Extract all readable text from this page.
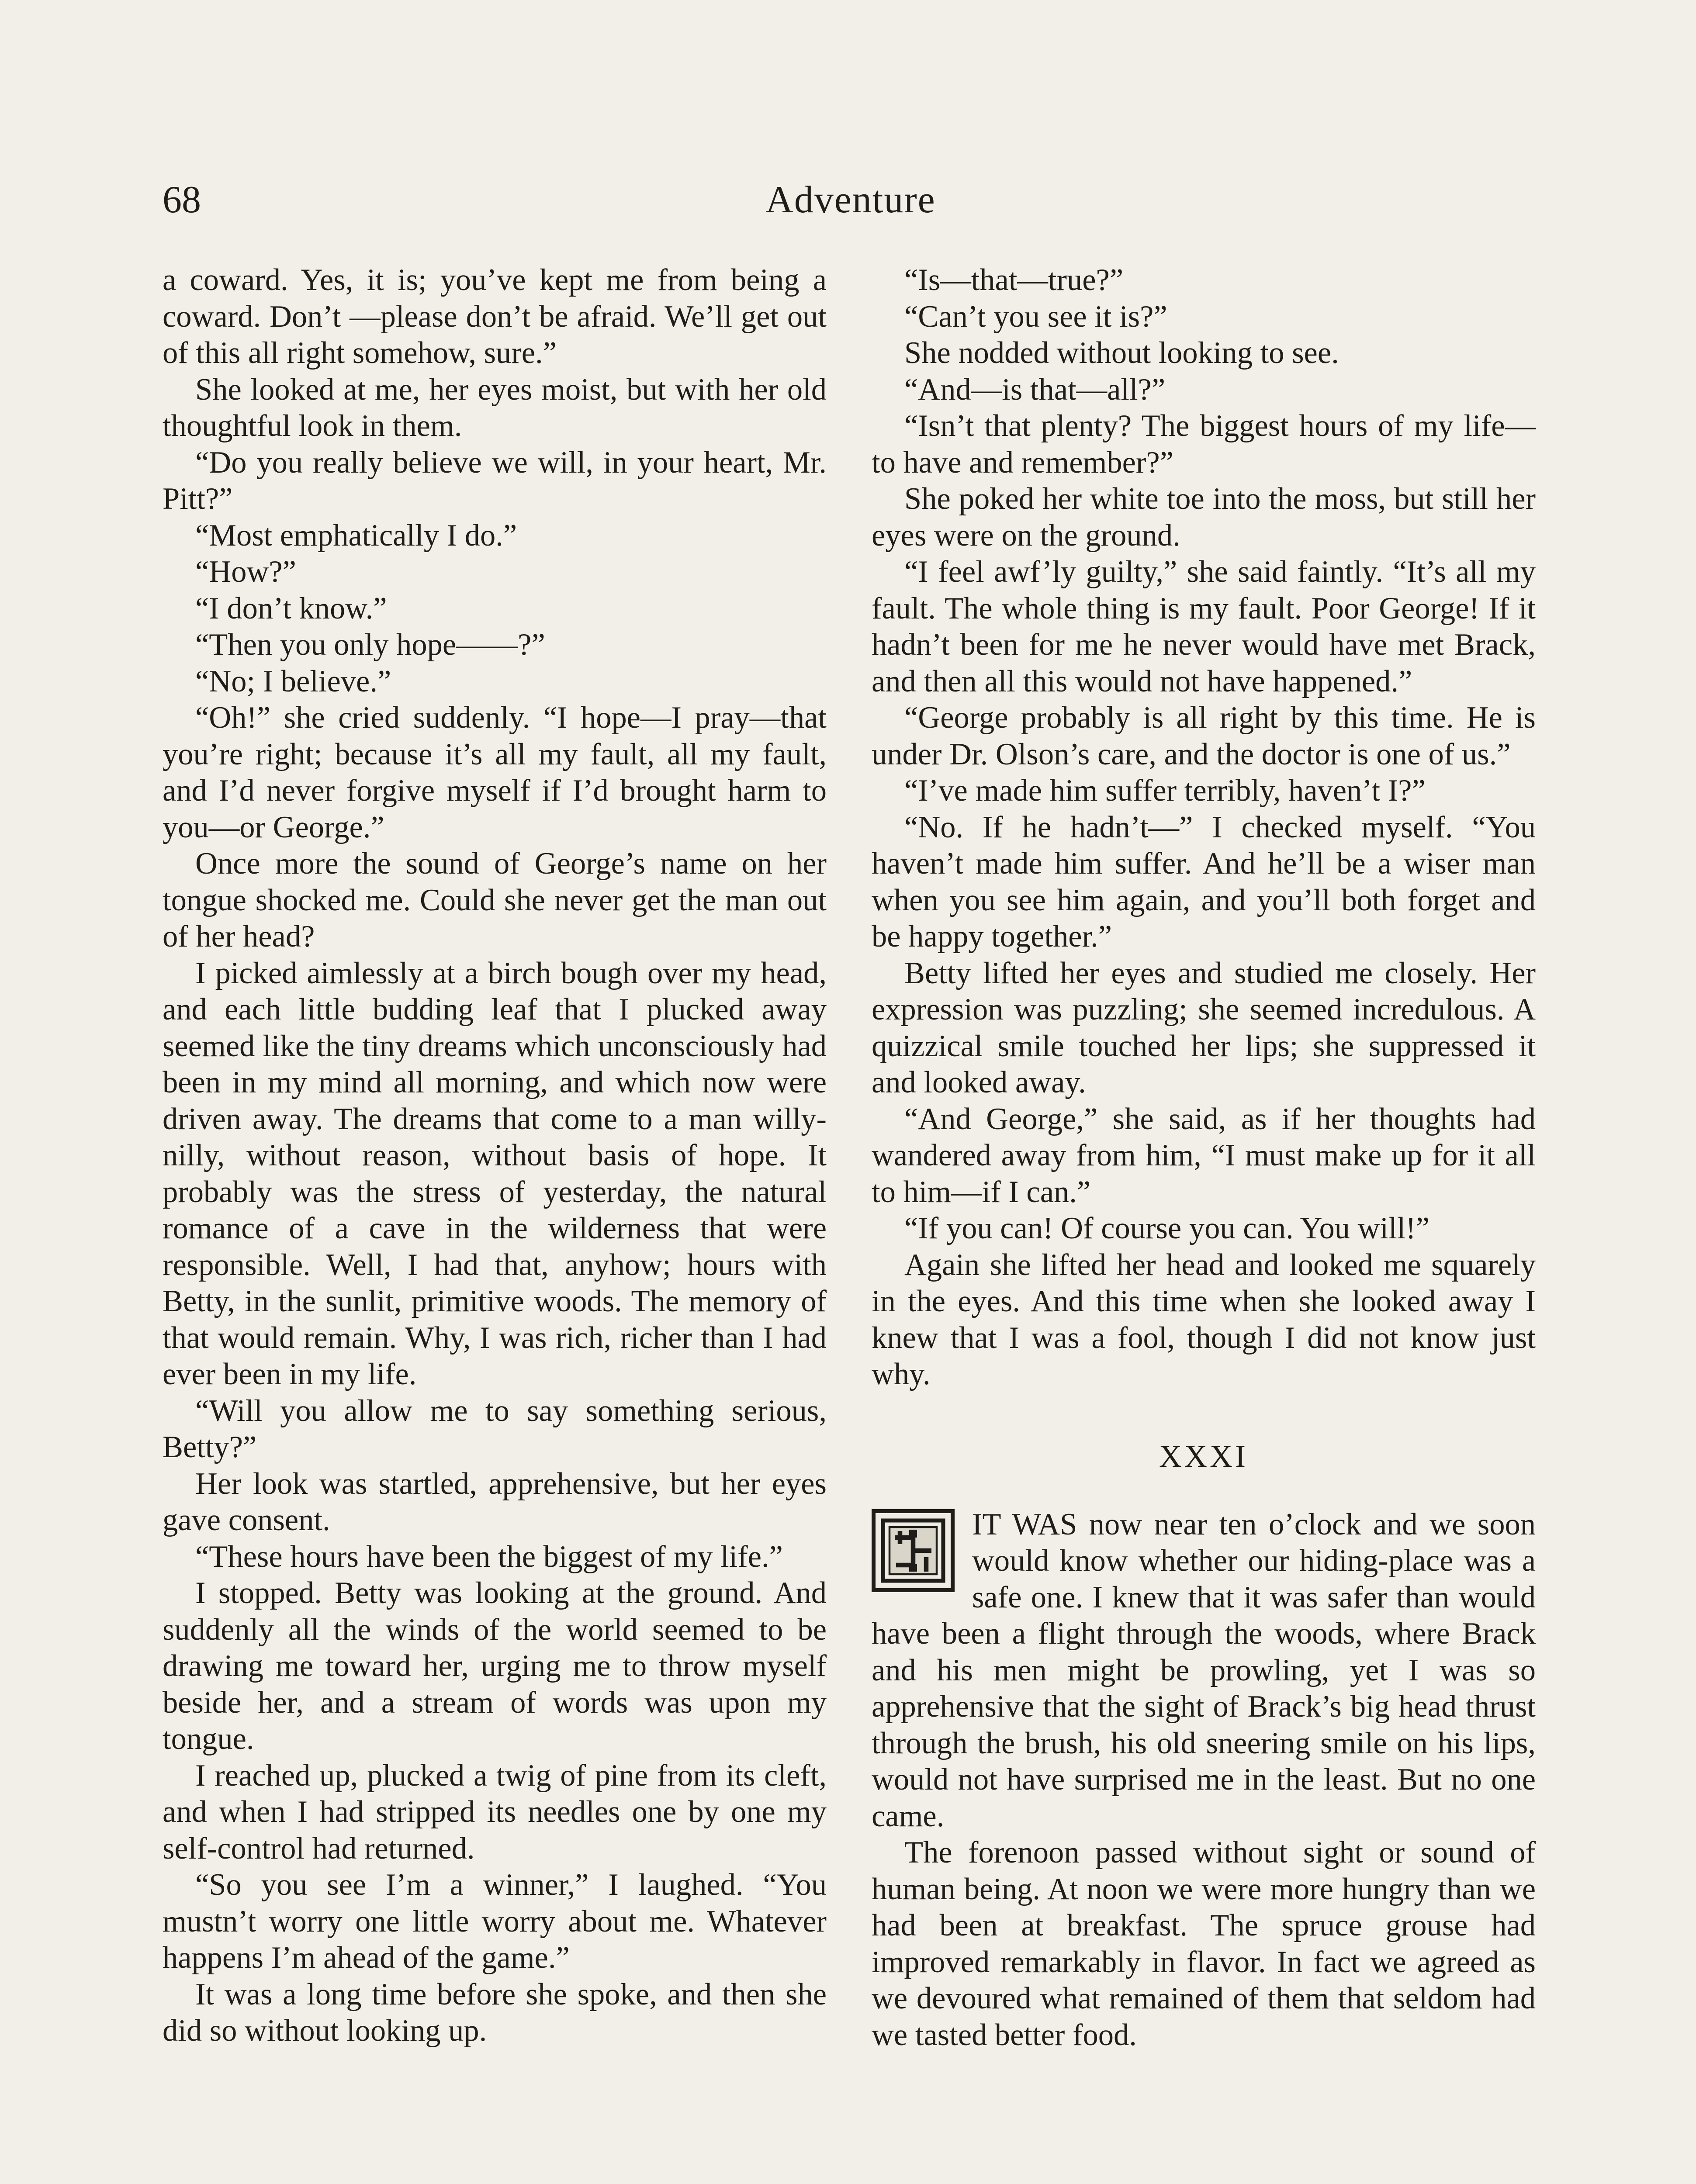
68	Adventure

a coward. Yes, it is; you’ve kept me from being a coward. Don’t —please don’t be afraid. We’ll get out of this all right somehow, sure.”

She looked at me, her eyes moist, but with her old thoughtful look in them.

“Do you really believe we will, in your heart, Mr. Pitt?”

“Most emphatically I do.”

“How?”

“I don’t know.”

“Then you only hope——?”

“No; I believe.”

“Oh!” she cried suddenly. “I hope—I pray—that you’re right; because it’s all my fault, all my fault, and I’d never forgive myself if I’d brought harm to you—or George.”

Once more the sound of George’s name on her tongue shocked me. Could she never get the man out of her head?

I picked aimlessly at a birch bough over my head, and each little budding leaf that I plucked away seemed like the tiny dreams which unconsciously had been in my mind all morning, and which now were driven away. The dreams that come to a man willy-nilly, without reason, without basis of hope. It probably was the stress of yesterday, the natural romance of a cave in the wilderness that were responsible. Well, I had that, anyhow; hours with Betty, in the sunlit, primitive woods. The memory of that would remain. Why, I was rich, richer than I had ever been in my life.

“Will you allow me to say something serious, Betty?”

Her look was startled, apprehensive, but her eyes gave consent.

“These hours have been the biggest of my life.”

I stopped. Betty was looking at the ground. And suddenly all the winds of the world seemed to be drawing me toward her, urging me to throw myself beside her, and a stream of words was upon my tongue.

I reached up, plucked a twig of pine from its cleft, and when I had stripped its needles one by one my self-control had returned.

“So you see I’m a winner,” I laughed. “You mustn’t worry one little worry about me. Whatever happens I’m ahead of the game.”

It was a long time before she spoke, and then she did so without looking up.

“Is—that—true?”

“Can’t you see it is?”

She nodded without looking to see.

“And—is that—all?”

“Isn’t that plenty? The biggest hours of my life—to have and remember?”

She poked her white toe into the moss, but still her eyes were on the ground.

“I feel awf’ly guilty,” she said faintly. “It’s all my fault. The whole thing is my fault. Poor George! If it hadn’t been for me he never would have met Brack, and then all this would not have happened.”

“George probably is all right by this time. He is under Dr. Olson’s care, and the doctor is one of us.”

“I’ve made him suffer terribly, haven’t I?”

“No. If he hadn’t—” I checked myself. “You haven’t made him suffer. And he’ll be a wiser man when you see him again, and you’ll both forget and be happy together.”

Betty lifted her eyes and studied me closely. Her expression was puzzling; she seemed incredulous. A quizzical smile touched her lips; she suppressed it and looked away.

“And George,” she said, as if her thoughts had wandered away from him, “I must make up for it all to him—if I can.”

“If you can! Of course you can. You will!”

Again she lifted her head and looked me squarely in the eyes. And this time when she looked away I knew that I was a fool, though I did not know just why.

XXXI

IT WAS now near ten o’clock and we soon would know whether our hiding-place was a safe one. I knew that it was safer than would have been a flight through the woods, where Brack and his men might be prowling, yet I was so apprehensive that the sight of Brack’s big head thrust through the brush, his old sneering smile on his lips, would not have surprised me in the least. But no one came.

The forenoon passed without sight or sound of human being. At noon we were more hungry than we had been at breakfast. The spruce grouse had improved remarkably in flavor. In fact we agreed as we devoured what remained of them that seldom had we tasted better food.
